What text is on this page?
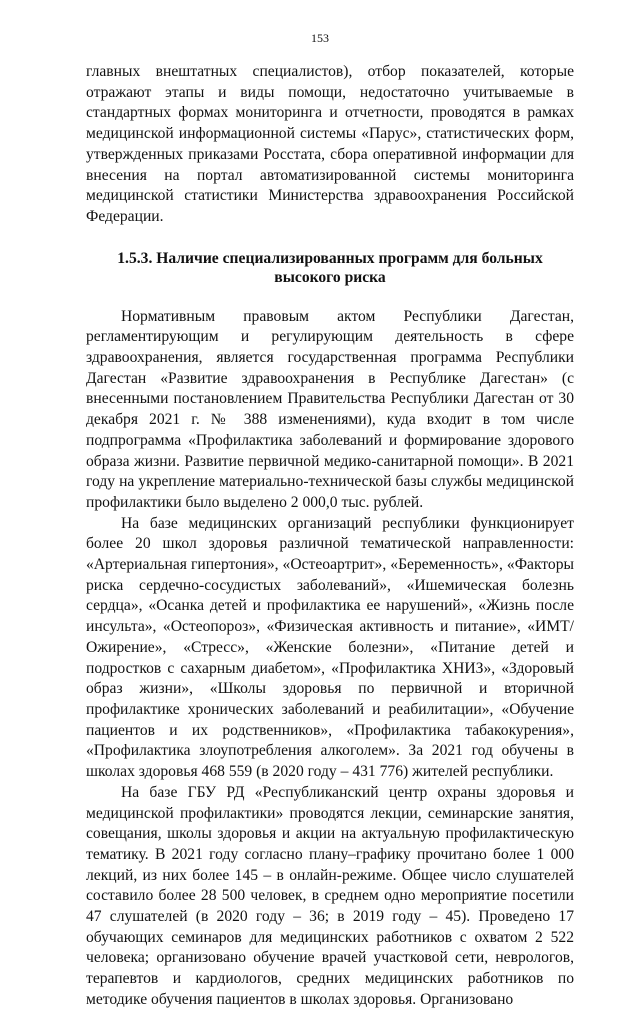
153

главных внештатных специалистов), отбор показателей, которые отражают этапы и виды помощи, недостаточно учитываемые в стандартных формах мониторинга и отчетности, проводятся в рамках медицинской информационной системы «Парус», статистических форм, утвержденных приказами Росстата, сбора оперативной информации для внесения на портал автоматизированной системы мониторинга медицинской статистики Министерства здравоохранения Российской Федерации.

1.5.3. Наличие специализированных программ для больных
высокого риска

Нормативным правовым актом Республики Дагестан, регламентирующим и регулирующим деятельность в сфере здравоохранения, является государственная программа Республики Дагестан «Развитие здравоохранения в Республике Дагестан» (с внесенными постановлением Правительства Республики Дагестан от 30 декабря 2021 г. № 388 изменениями), куда входит в том числе подпрограмма «Профилактика заболеваний и формирование здорового образа жизни. Развитие первичной медико-санитарной помощи». В 2021 году на укрепление материально-технической базы службы медицинской профилактики было выделено 2 000,0 тыс. рублей.

На базе медицинских организаций республики функционирует более 20 школ здоровья различной тематической направленности: «Артериальная гипертония», «Остеоартрит», «Беременность», «Факторы риска сердечно-сосудистых заболеваний», «Ишемическая болезнь сердца», «Осанка детей и профилактика ее нарушений», «Жизнь после инсульта», «Остеопороз», «Физическая активность и питание», «ИМТ/Ожирение», «Стресс», «Женские болезни», «Питание детей и подростков с сахарным диабетом», «Профилактика ХНИЗ», «Здоровый образ жизни», «Школы здоровья по первичной и вторичной профилактике хронических заболеваний и реабилитации», «Обучение пациентов и их родственников», «Профилактика табакокурения», «Профилактика злоупотребления алкоголем». За 2021 год обучены в школах здоровья 468 559 (в 2020 году – 431 776) жителей республики.

На базе ГБУ РД «Республиканский центр охраны здоровья и медицинской профилактики» проводятся лекции, семинарские занятия, совещания, школы здоровья и акции на актуальную профилактическую тематику. В 2021 году согласно плану–графику прочитано более 1 000 лекций, из них более 145 – в онлайн-режиме. Общее число слушателей составило более 28 500 человек, в среднем одно мероприятие посетили 47 слушателей (в 2020 году – 36; в 2019 году – 45). Проведено 17 обучающих семинаров для медицинских работников с охватом 2 522 человека; организовано обучение врачей участковой сети, неврологов, терапевтов и кардиологов, средних медицинских работников по методике обучения пациентов в школах здоровья. Организовано
